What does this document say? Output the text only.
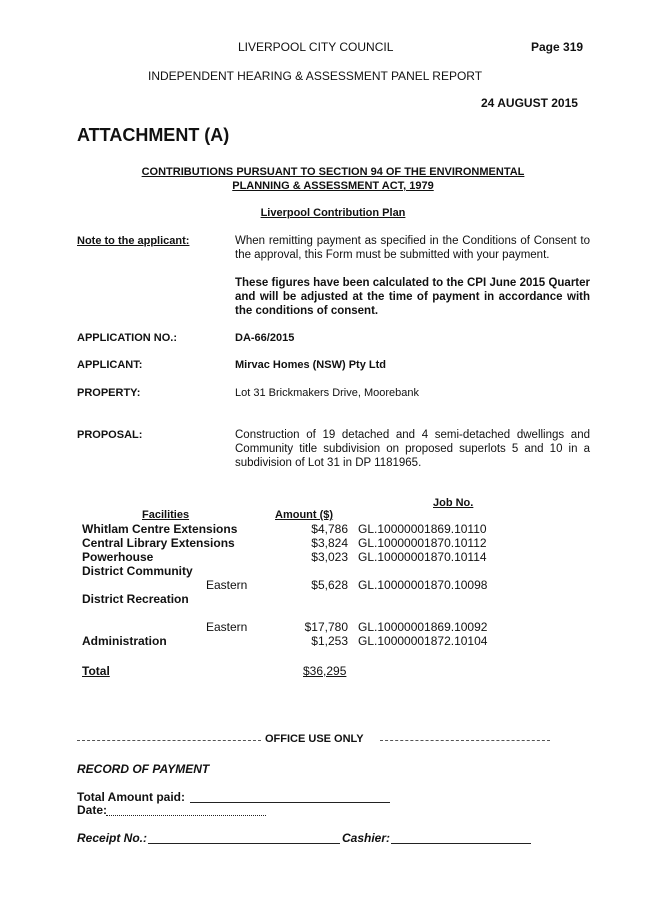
LIVERPOOL CITY COUNCIL	Page 319
INDEPENDENT HEARING & ASSESSMENT PANEL REPORT
24 AUGUST 2015
ATTACHMENT (A)
CONTRIBUTIONS PURSUANT TO SECTION 94 OF THE ENVIRONMENTAL
PLANNING & ASSESSMENT ACT, 1979
Liverpool Contribution Plan
Note to the applicant:	When remitting payment as specified in the Conditions of Consent to the approval, this Form must be submitted with your payment.
These figures have been calculated to the CPI June 2015 Quarter and will be adjusted at the time of payment in accordance with the conditions of consent.
APPLICATION NO.:	DA-66/2015
APPLICANT:	Mirvac Homes (NSW) Pty Ltd
PROPERTY:	Lot 31 Brickmakers Drive, Moorebank
PROPOSAL:	Construction of 19 detached and 4 semi-detached dwellings and Community title subdivision on proposed superlots 5 and 10 in a subdivision of Lot 31 in DP 1181965.
Job No.
Facilities	Amount ($)
Whitlam Centre Extensions	$4,786 GL.10000001869.10110
Central Library Extensions	$3,824 GL.10000001870.10112
Powerhouse	$3,023 GL.10000001870.10114
District Community
Eastern	$5,628 GL.10000001870.10098
District Recreation
Eastern	$17,780 GL.10000001869.10092
Administration	$1,253 GL.10000001872.10104
Total	$36,295
OFFICE USE ONLY
RECORD OF PAYMENT
Total Amount paid:
Date:
Receipt No.:	Cashier:
